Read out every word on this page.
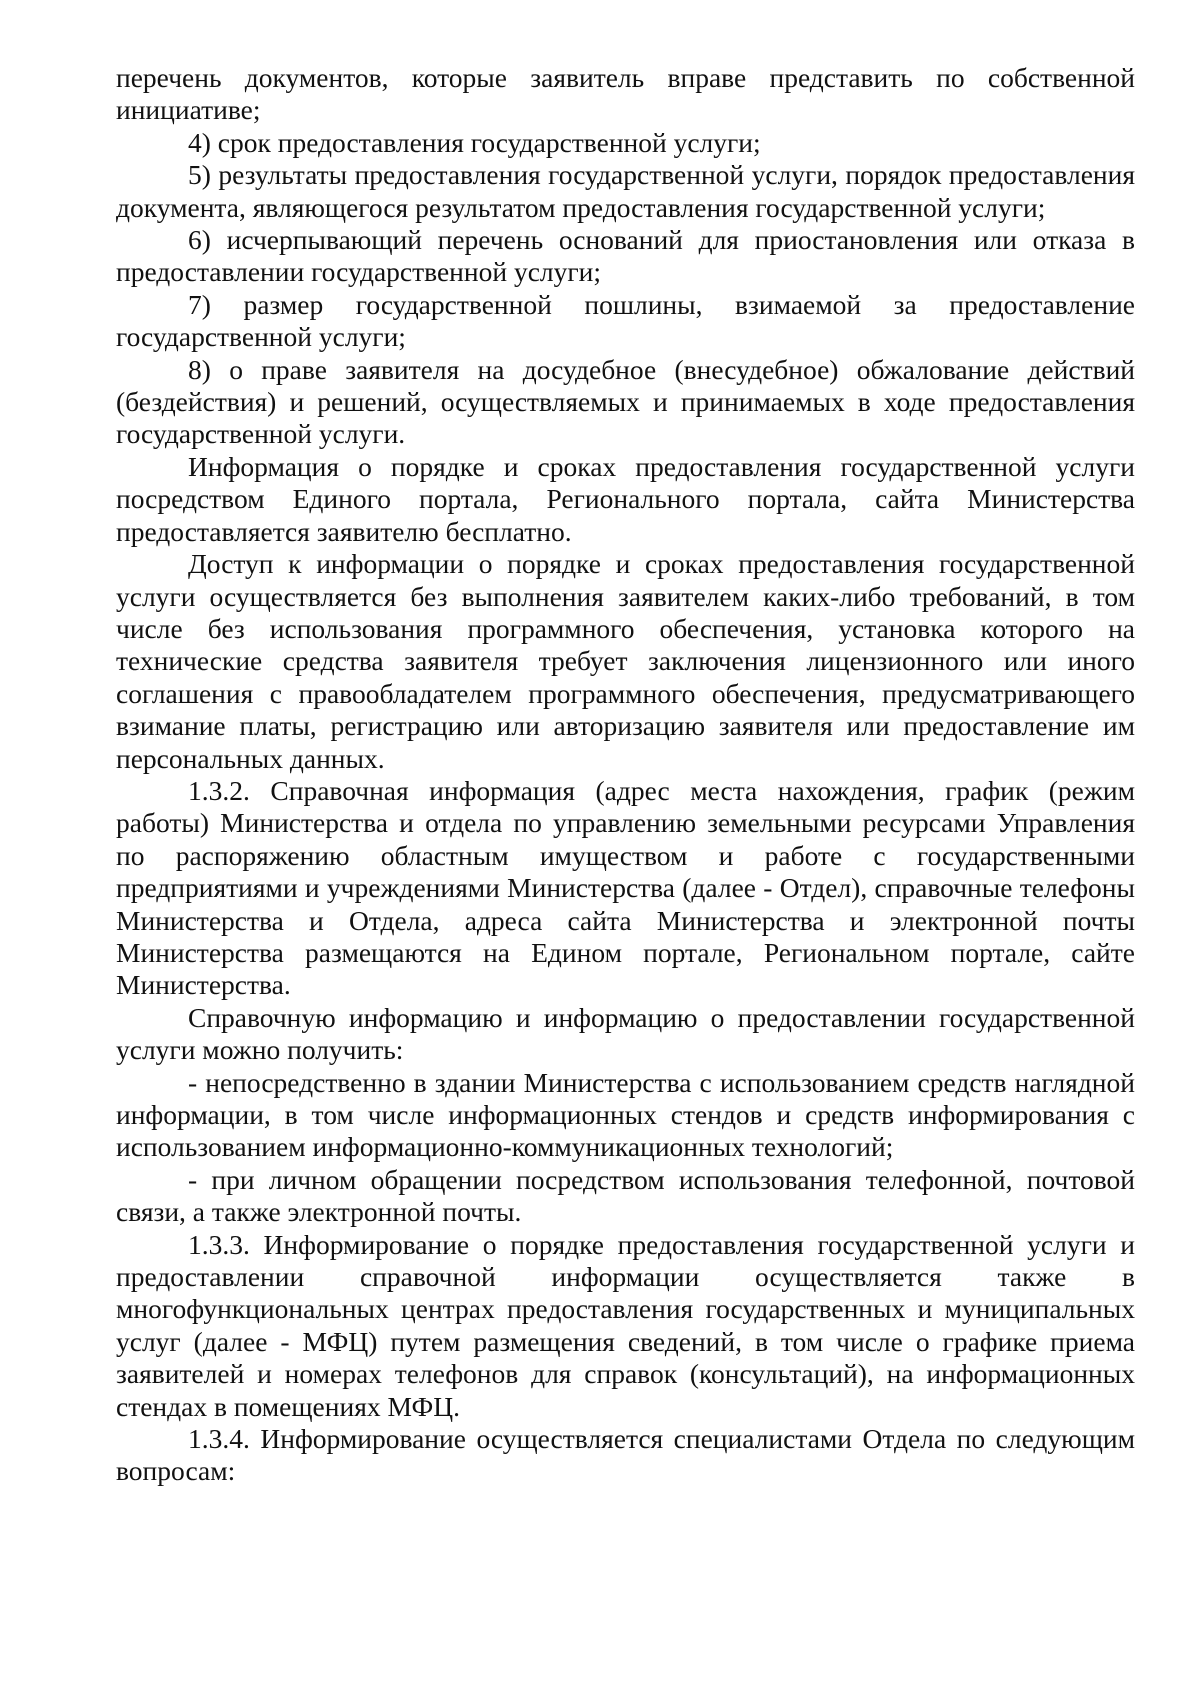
перечень документов, которые заявитель вправе представить по собственной инициативе;

4) срок предоставления государственной услуги;

5) результаты предоставления государственной услуги, порядок предоставления документа, являющегося результатом предоставления государственной услуги;

6) исчерпывающий перечень оснований для приостановления или отказа в предоставлении государственной услуги;

7) размер государственной пошлины, взимаемой за предоставление государственной услуги;

8) о праве заявителя на досудебное (внесудебное) обжалование действий (бездействия) и решений, осуществляемых и принимаемых в ходе предоставления государственной услуги.

Информация о порядке и сроках предоставления государственной услуги посредством Единого портала, Регионального портала, сайта Министерства предоставляется заявителю бесплатно.

Доступ к информации о порядке и сроках предоставления государственной услуги осуществляется без выполнения заявителем каких-либо требований, в том числе без использования программного обеспечения, установка которого на технические средства заявителя требует заключения лицензионного или иного соглашения с правообладателем программного обеспечения, предусматривающего взимание платы, регистрацию или авторизацию заявителя или предоставление им персональных данных.

1.3.2. Справочная информация (адрес места нахождения, график (режим работы) Министерства и отдела по управлению земельными ресурсами Управления по распоряжению областным имуществом и работе с государственными предприятиями и учреждениями Министерства (далее - Отдел), справочные телефоны Министерства и Отдела, адреса сайта Министерства и электронной почты Министерства размещаются на Едином портале, Региональном портале, сайте Министерства.

Справочную информацию и информацию о предоставлении государственной услуги можно получить:

- непосредственно в здании Министерства с использованием средств наглядной информации, в том числе информационных стендов и средств информирования с использованием информационно-коммуникационных технологий;

- при личном обращении посредством использования телефонной, почтовой связи, а также электронной почты.

1.3.3. Информирование о порядке предоставления государственной услуги и предоставлении справочной информации осуществляется также в многофункциональных центрах предоставления государственных и муниципальных услуг (далее - МФЦ) путем размещения сведений, в том числе о графике приема заявителей и номерах телефонов для справок (консультаций), на информационных стендах в помещениях МФЦ.

1.3.4. Информирование осуществляется специалистами Отдела по следующим вопросам:
